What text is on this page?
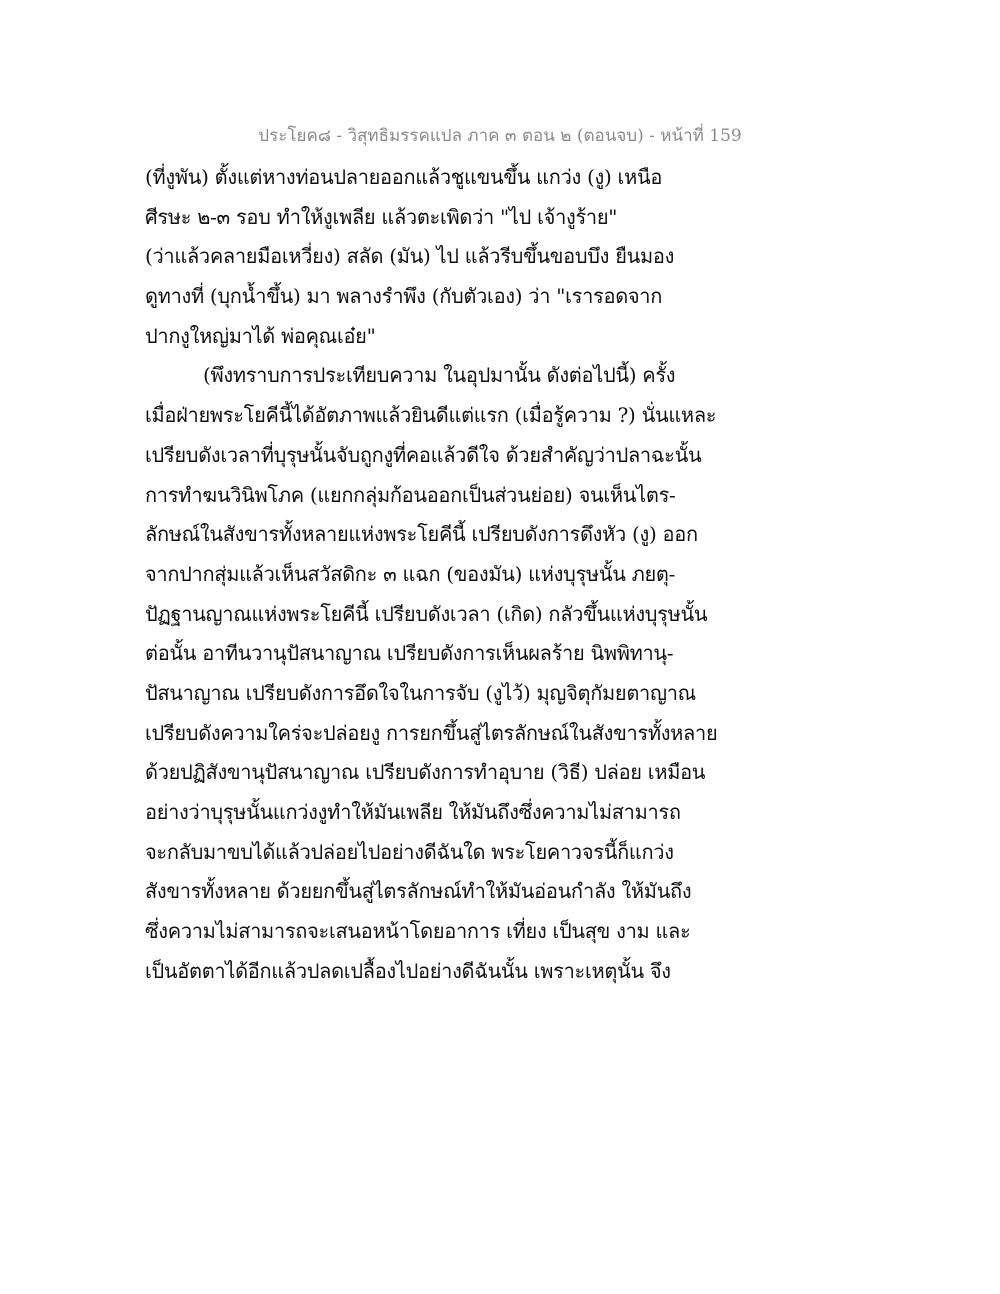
ประโยค๘ - วิสุทธิมรรคแปล ภาค ๓ ตอน ๒ (ตอนจบ) - หน้าที่ 159
(ที่งูพัน) ตั้งแต่หางท่อนปลายออกแล้วชูแขนขึ้น แกว่ง (งู) เหนือ
ศีรษะ ๒-๓ รอบ ทำให้งูเพลีย แล้วตะเพิดว่า "ไป เจ้างูร้าย"
(ว่าแล้วคลายมือเหวี่ยง) สลัด (มัน) ไป แล้วรีบขึ้นขอบบึง ยืนมอง
ดูทางที่ (บุกน้ำขึ้น) มา พลางรำพึง (กับตัวเอง) ว่า "เรารอดจาก
ปากงูใหญ่มาได้ พ่อคุณเอ๋ย"
(พึงทราบการประเทียบความ ในอุปมานั้น ดังต่อไปนี้) ครั้ง
เมื่อฝ่ายพระโยคีนี้ได้อัตภาพแล้วยินดีแต่แรก (เมื่อรู้ความ ?) นั่นแหละ
เปรียบดังเวลาที่บุรุษนั้นจับถูกงูที่คอแล้วดีใจ ด้วยสำคัญว่าปลาฉะนั้น
การทำฆนวินิพโภค (แยกกลุ่มก้อนออกเป็นส่วนย่อย) จนเห็นไตร-
ลักษณ์ในสังขารทั้งหลายแห่งพระโยคีนี้ เปรียบดังการดึงหัว (งู) ออก
จากปากสุ่มแล้วเห็นสวัสดิกะ ๓ แฉก (ของมัน) แห่งบุรุษนั้น ภยตุ-
ปัฏฐานญาณแห่งพระโยคีนี้ เปรียบดังเวลา (เกิด) กลัวขึ้นแห่งบุรุษนั้น
ต่อนั้น อาทีนวานุปัสนาญาณ เปรียบดังการเห็นผลร้าย นิพพิทานุ-
ปัสนาญาณ เปรียบดังการอึดใจในการจับ (งูไว้) มุญจิตุกัมยตาญาณ
เปรียบดังความใคร่จะปล่อยงู การยกขึ้นสู่ไตรลักษณ์ในสังขารทั้งหลาย
ด้วยปฏิสังขานุปัสนาญาณ เปรียบดังการทำอุบาย (วิธี) ปล่อย เหมือน
อย่างว่าบุรุษนั้นแกว่งงูทำให้มันเพลีย ให้มันถึงซึ่งความไม่สามารถ
จะกลับมาขบได้แล้วปล่อยไปอย่างดีฉันใด พระโยคาวจรนี้ก็แกว่ง
สังขารทั้งหลาย ด้วยยกขึ้นสู่ไตรลักษณ์ทำให้มันอ่อนกำลัง ให้มันถึง
ซึ่งความไม่สามารถจะเสนอหน้าโดยอาการ เที่ยง เป็นสุข งาม และ
เป็นอัตตาได้อีกแล้วปลดเปลื้องไปอย่างดีฉันนั้น เพราะเหตุนั้น จึง
